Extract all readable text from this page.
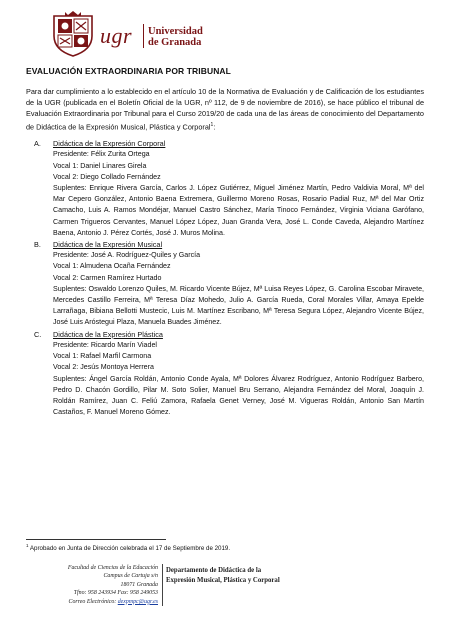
ugr Universidad
de Granada
EVALUACIÓN EXTRAORDINARIA POR TRIBUNAL

Para dar cumplimiento a lo establecido en el artículo 10 de la Normativa de Evaluación y de Calificación de los estudiantes de la UGR (publicada en el Boletín Oficial de la UGR, nº 112, de 9 de noviembre de 2016), se hace público el tribunal de Evaluación Extraordinaria por Tribunal para el Curso 2019/20 de cada una de las áreas de conocimiento del Departamento de Didáctica de la Expresión Musical, Plástica y Corporal$^1$:

A.	Didáctica de la Expresión Corporal

Presidente: Félix Zurita Ortega

Vocal 1: Daniel Linares Girela

Vocal 2: Diego Collado Fernández

Suplentes: Enrique Rivera García, Carlos J. López Gutiérrez, Miguel Jiménez Martín, Pedro Valdivia Moral, Mª del Mar Cepero González, Antonio Baena Extremera, Guillermo Moreno Rosas, Rosario Padial Ruz, Mª del Mar Ortiz Camacho, Luis A. Ramos Mondéjar, Manuel Castro Sánchez, María Tinoco Fernández, Virginia Viciana Garófano, Carmen Trigueros Cervantes, Manuel López López, Juan Granda Vera, José L. Conde Caveda, Alejandro Martínez Baena, Antonio J. Pérez Cortés, José J. Muros Molina.

B.	Didáctica de la Expresión Musical

Presidente: José A. Rodríguez-Quiles y García

Vocal 1: Almudena Ocaña Fernández

Vocal 2: Carmen Ramírez Hurtado

Suplentes: Oswaldo Lorenzo Quiles, M. Ricardo Vicente Bújez, Mª Luisa Reyes López, G. Carolina Escobar Miravete, Mercedes Castillo Ferreira, Mª Teresa Díaz Mohedo, Julio A. García Rueda, Coral Morales Villar, Amaya Epelde Larrañaga, Bibiana Bellotti Mustecic, Luis M. Martínez Escribano, Mª Teresa Segura López, Alejandro Vicente Bújez, José Luis Aróstegui Plaza, Manuela Buades Jiménez.

C.	Didáctica de la Expresión Plástica

Presidente: Ricardo Marín Viadel

Vocal 1: Rafael Marfil Carmona

Vocal 2: Jesús Montoya Herrera

Suplentes: Ángel García Roldán, Antonio Conde Ayala, Mª Dolores Álvarez Rodríguez, Antonio Rodríguez Barbero, Pedro D. Chacón Gordillo, Pilar M. Soto Solier, Manuel Bru Serrano, Alejandra Fernández del Moral, Joaquín J. Roldán Ramírez, Juan C. Feliú Zamora, Rafaela Genet Verney, José M. Vigueras Roldán, Antonio San Martín Castaños, F. Manuel Moreno Gómez.

$^1$ Aprobado en Junta de Dirección celebrada el 17 de Septiembre de 2019.
Facultad de Ciencias de la Educación
Campus de Cartuja s/n
18071 Granada
Tfno: 958 243934 Fax: 958 249053
Correo Electrónico: dexpmpc@ugr.es
Departamento de Didáctica de la
Expresión Musical, Plástica y Corporal
